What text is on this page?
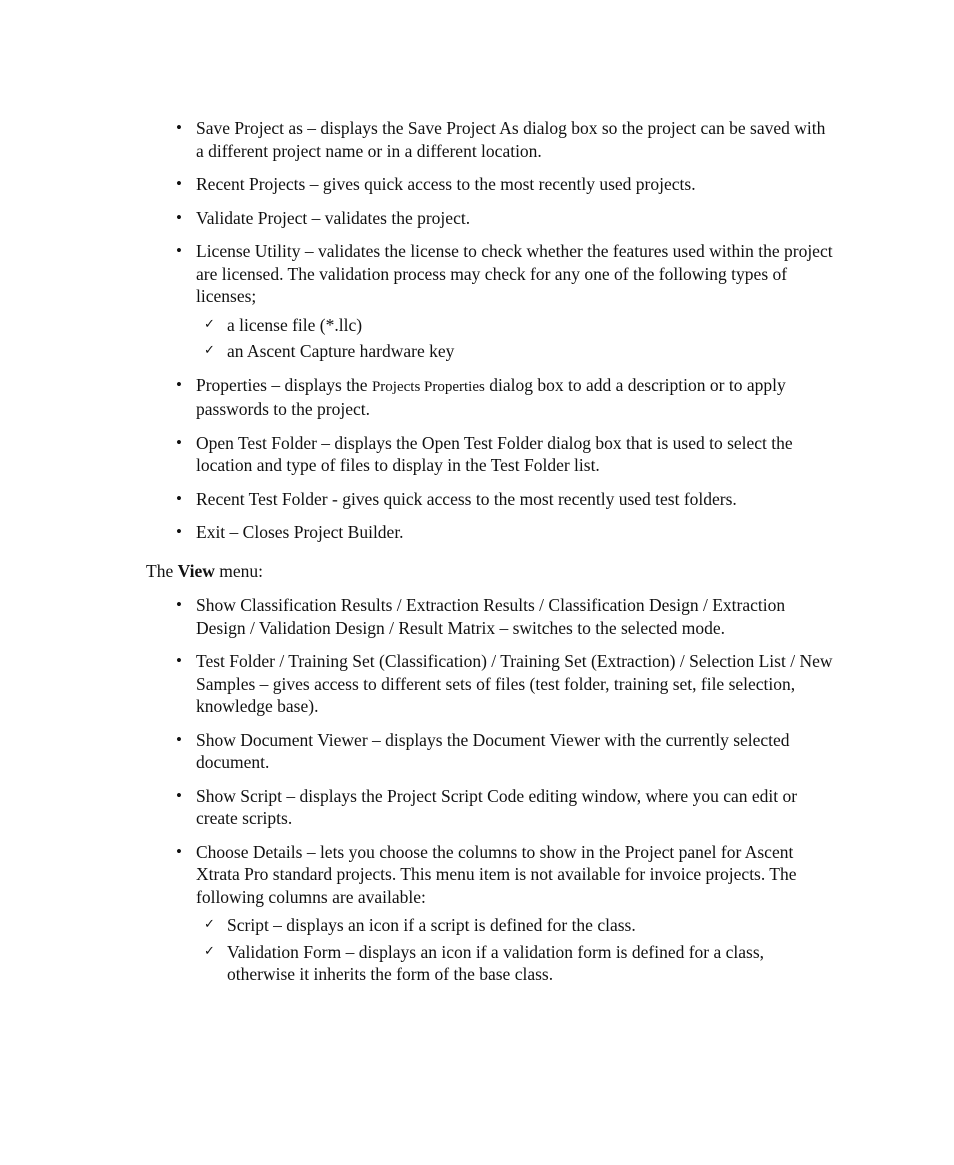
• Save Project as – displays the Save Project As dialog box so the project can be saved with a different project name or in a different location.
• Recent Projects – gives quick access to the most recently used projects.
• Validate Project – validates the project.
• License Utility – validates the license to check whether the features used within the project are licensed. The validation process may check for any one of the following types of licenses;
✓ a license file (*.llc)
✓ an Ascent Capture hardware key
• Properties – displays the Projects Properties dialog box to add a description or to apply passwords to the project.
• Open Test Folder – displays the Open Test Folder dialog box that is used to select the location and type of files to display in the Test Folder list.
• Recent Test Folder - gives quick access to the most recently used test folders.
• Exit – Closes Project Builder.
The View menu:
• Show Classification Results / Extraction Results / Classification Design / Extraction Design / Validation Design / Result Matrix – switches to the selected mode.
• Test Folder / Training Set (Classification) / Training Set (Extraction) / Selection List / New Samples – gives access to different sets of files (test folder, training set, file selection, knowledge base).
• Show Document Viewer – displays the Document Viewer with the currently selected document.
• Show Script – displays the Project Script Code editing window, where you can edit or create scripts.
• Choose Details – lets you choose the columns to show in the Project panel for Ascent Xtrata Pro standard projects. This menu item is not available for invoice projects. The following columns are available:
✓ Script – displays an icon if a script is defined for the class.
✓ Validation Form – displays an icon if a validation form is defined for a class, otherwise it inherits the form of the base class.
